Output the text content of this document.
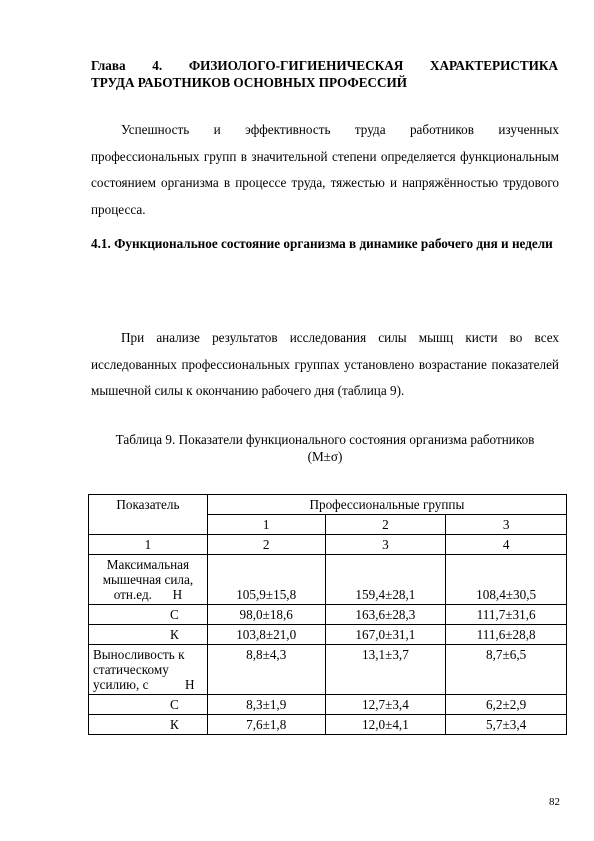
Глава 4. ФИЗИОЛОГО-ГИГИЕНИЧЕСКАЯ ХАРАКТЕРИСТИКА
ТРУДА РАБОТНИКОВ ОСНОВНЫХ ПРОФЕССИЙ

Успешность и эффективность труда работников изученных профессиональных групп в значительной степени определяется функциональным состоянием организма в процессе труда, тяжестью и напряжённостью трудового процесса.

4.1. Функциональное состояние организма в динамике рабочего дня и недели

При анализе результатов исследования силы мышц кисти во всех исследованных профессиональных группах установлено возрастание показателей мышечной силы к окончанию рабочего дня (таблица 9).

Таблица 9. Показатели функционального состояния организма работников
(M±σ)
Показатель	Профессиональные группы		
	1	2	3
1	2	3	4
Максимальная мышечная сила, отн.ед. Н	105,9±15,8	159,4±28,1	108,4±30,5
С	98,0±18,6	163,6±28,3	111,7±31,6
К	103,8±21,0	167,0±31,1	111,6±28,8
Выносливость к статическому усилию, с Н	8,8±4,3	13,1±3,7	8,7±6,5
С	8,3±1,9	12,7±3,4	6,2±2,9
К	7,6±1,8	12,0±4,1	5,7±3,4
82
